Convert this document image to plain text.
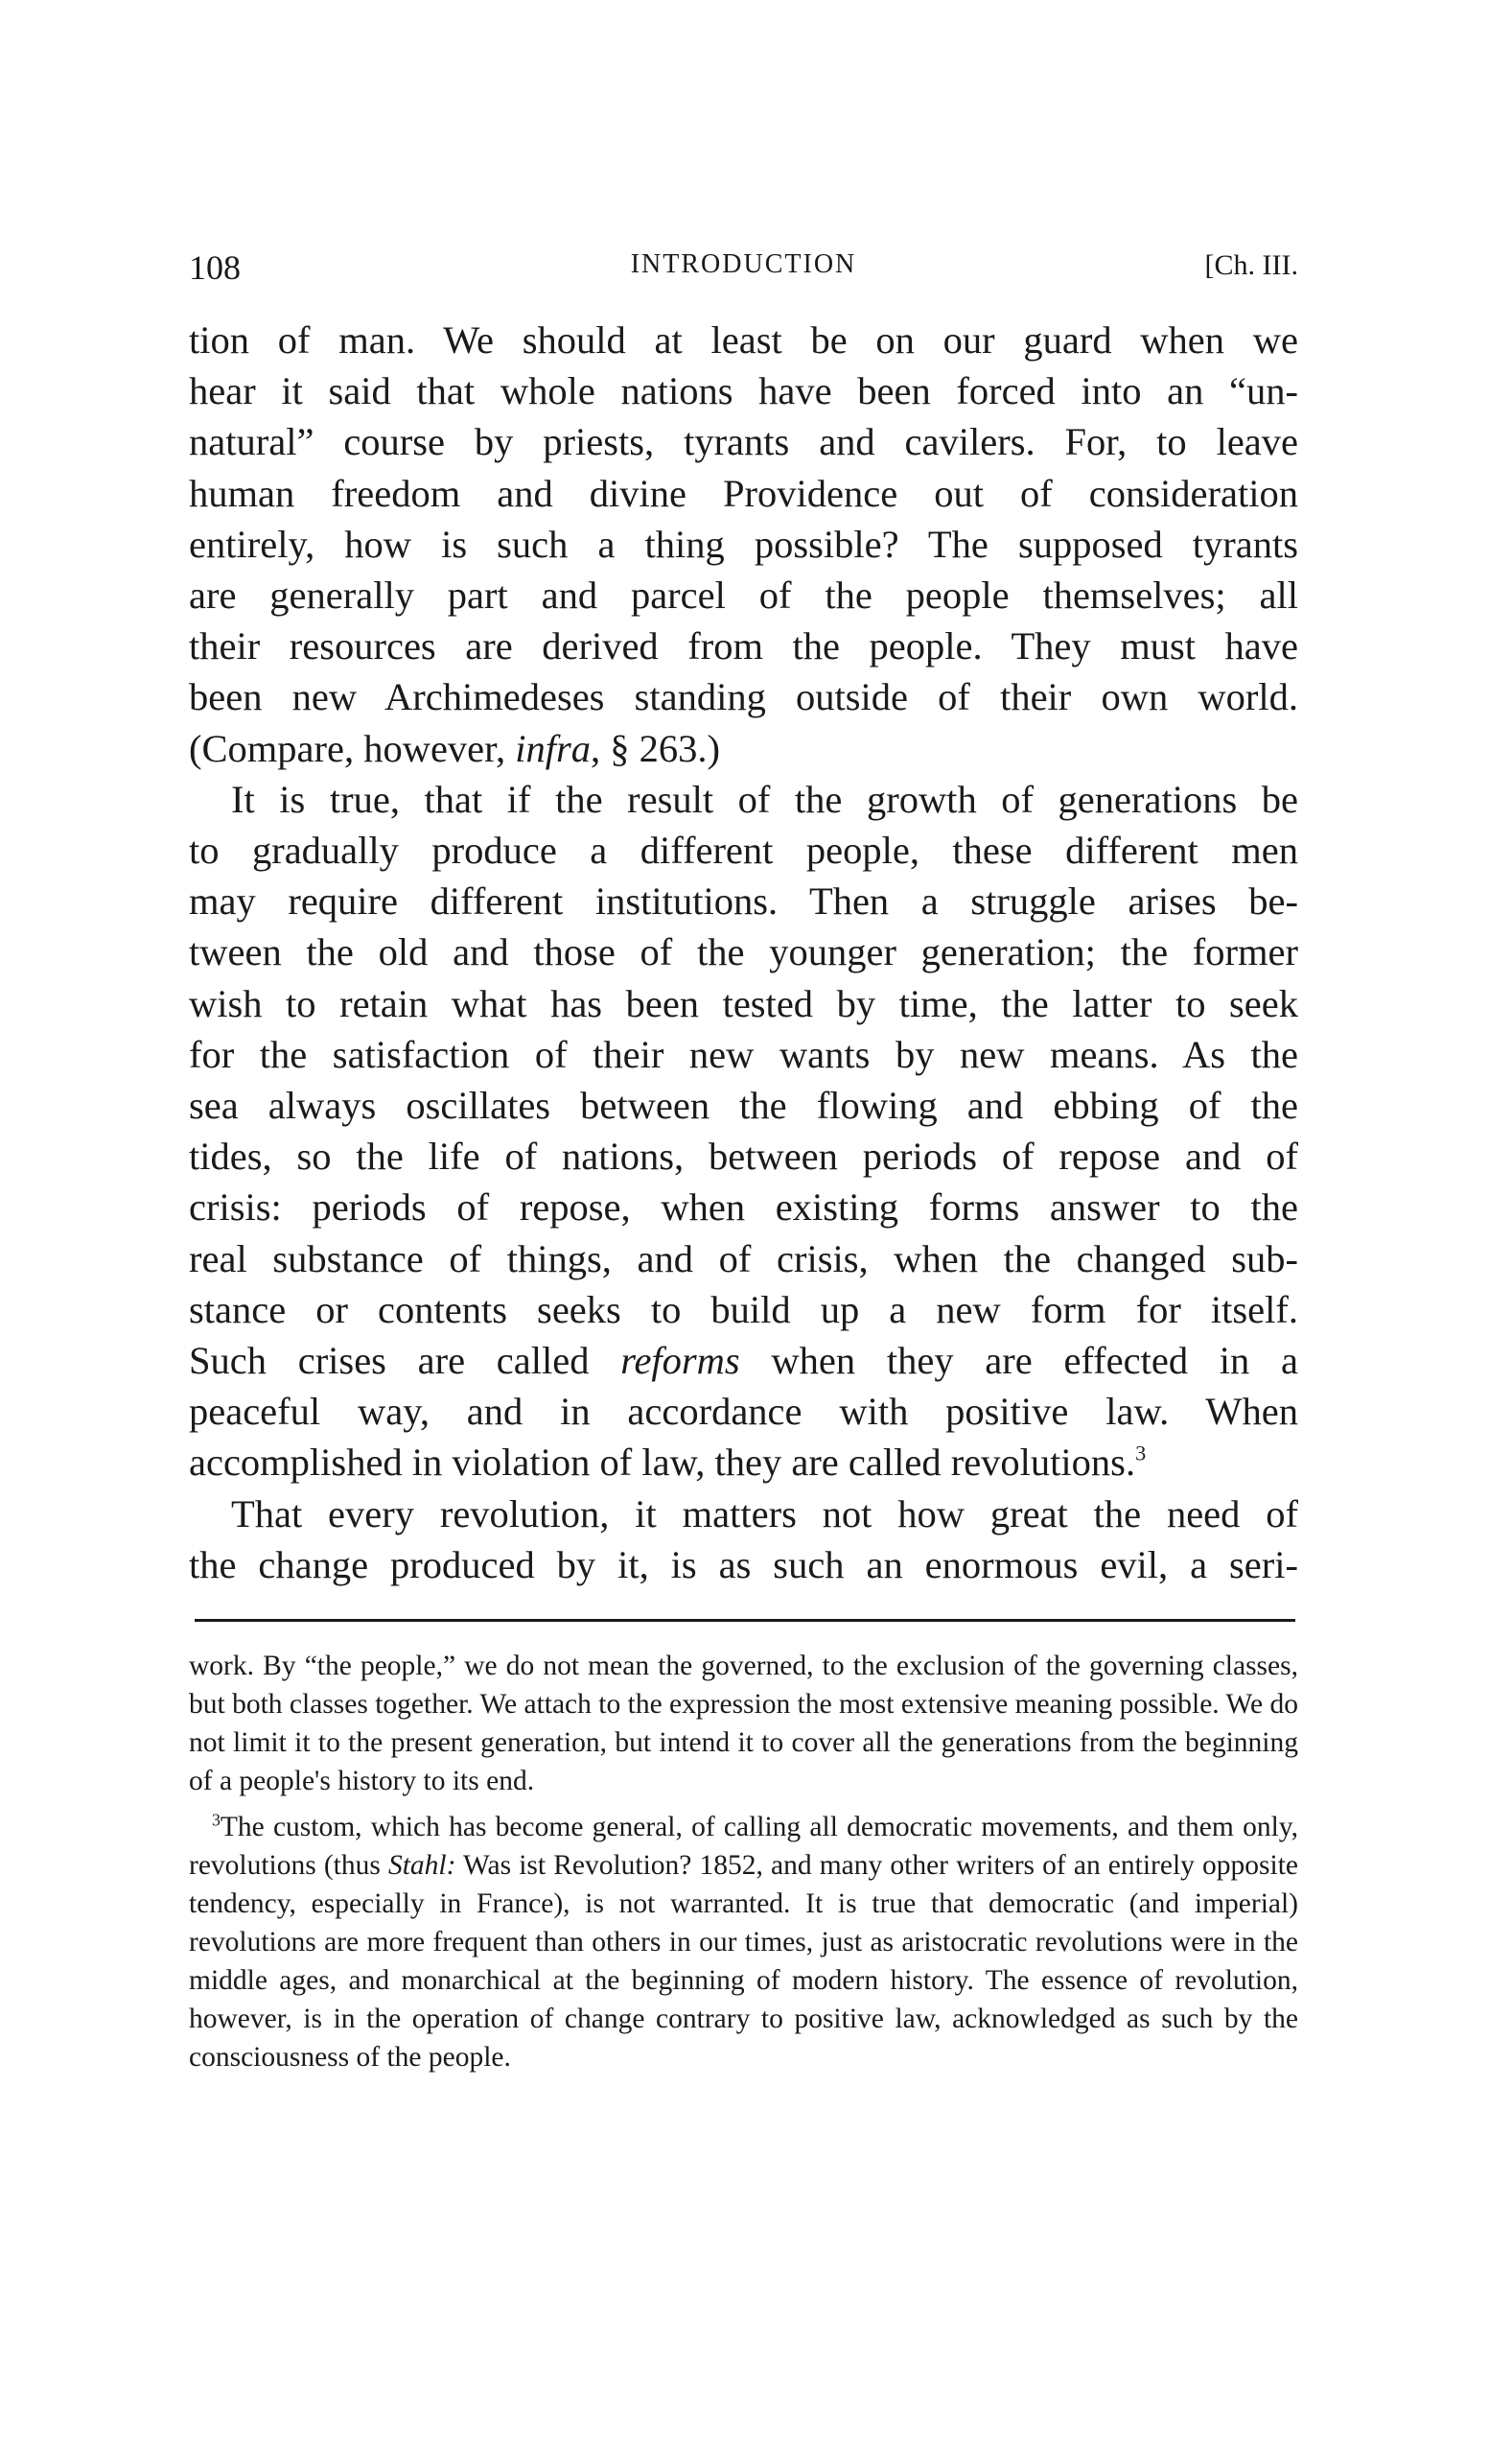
108	INTRODUCTION	[Ch. III.
tion of man. We should at least be on our guard when we
hear it said that whole nations have been forced into an “un-
natural” course by priests, tyrants and cavilers. For, to leave
human freedom and divine Providence out of consideration
entirely, how is such a thing possible? The supposed tyrants
are generally part and parcel of the people themselves; all
their resources are derived from the people. They must have
been new Archimedeses standing outside of their own world.
(Compare, however, infra, § 263.)
It is true, that if the result of the growth of generations be
to gradually produce a different people, these different men
may require different institutions. Then a struggle arises be-
tween the old and those of the younger generation; the former
wish to retain what has been tested by time, the latter to seek
for the satisfaction of their new wants by new means. As the
sea always oscillates between the flowing and ebbing of the
tides, so the life of nations, between periods of repose and of
crisis: periods of repose, when existing forms answer to the
real substance of things, and of crisis, when the changed sub-
stance or contents seeks to build up a new form for itself.
Such crises are called reforms when they are effected in a
peaceful way, and in accordance with positive law. When
accomplished in violation of law, they are called revolutions.$^3$
That every revolution, it matters not how great the need of
the change produced by it, is as such an enormous evil, a seri-

work. By “the people,” we do not mean the governed, to the exclusion of the governing classes, but both classes together. We attach to the expression the most extensive meaning possible. We do not limit it to the present generation, but intend it to cover all the generations from the beginning of a people's history to its end.

$^3$The custom, which has become general, of calling all democratic movements, and them only, revolutions (thus Stahl: Was ist Revolution? 1852, and many other writers of an entirely opposite tendency, especially in France), is not warranted. It is true that democratic (and imperial) revolutions are more frequent than others in our times, just as aristocratic revolutions were in the middle ages, and monarchical at the beginning of modern history. The essence of revolution, however, is in the operation of change contrary to positive law, acknowledged as such by the consciousness of the people.
